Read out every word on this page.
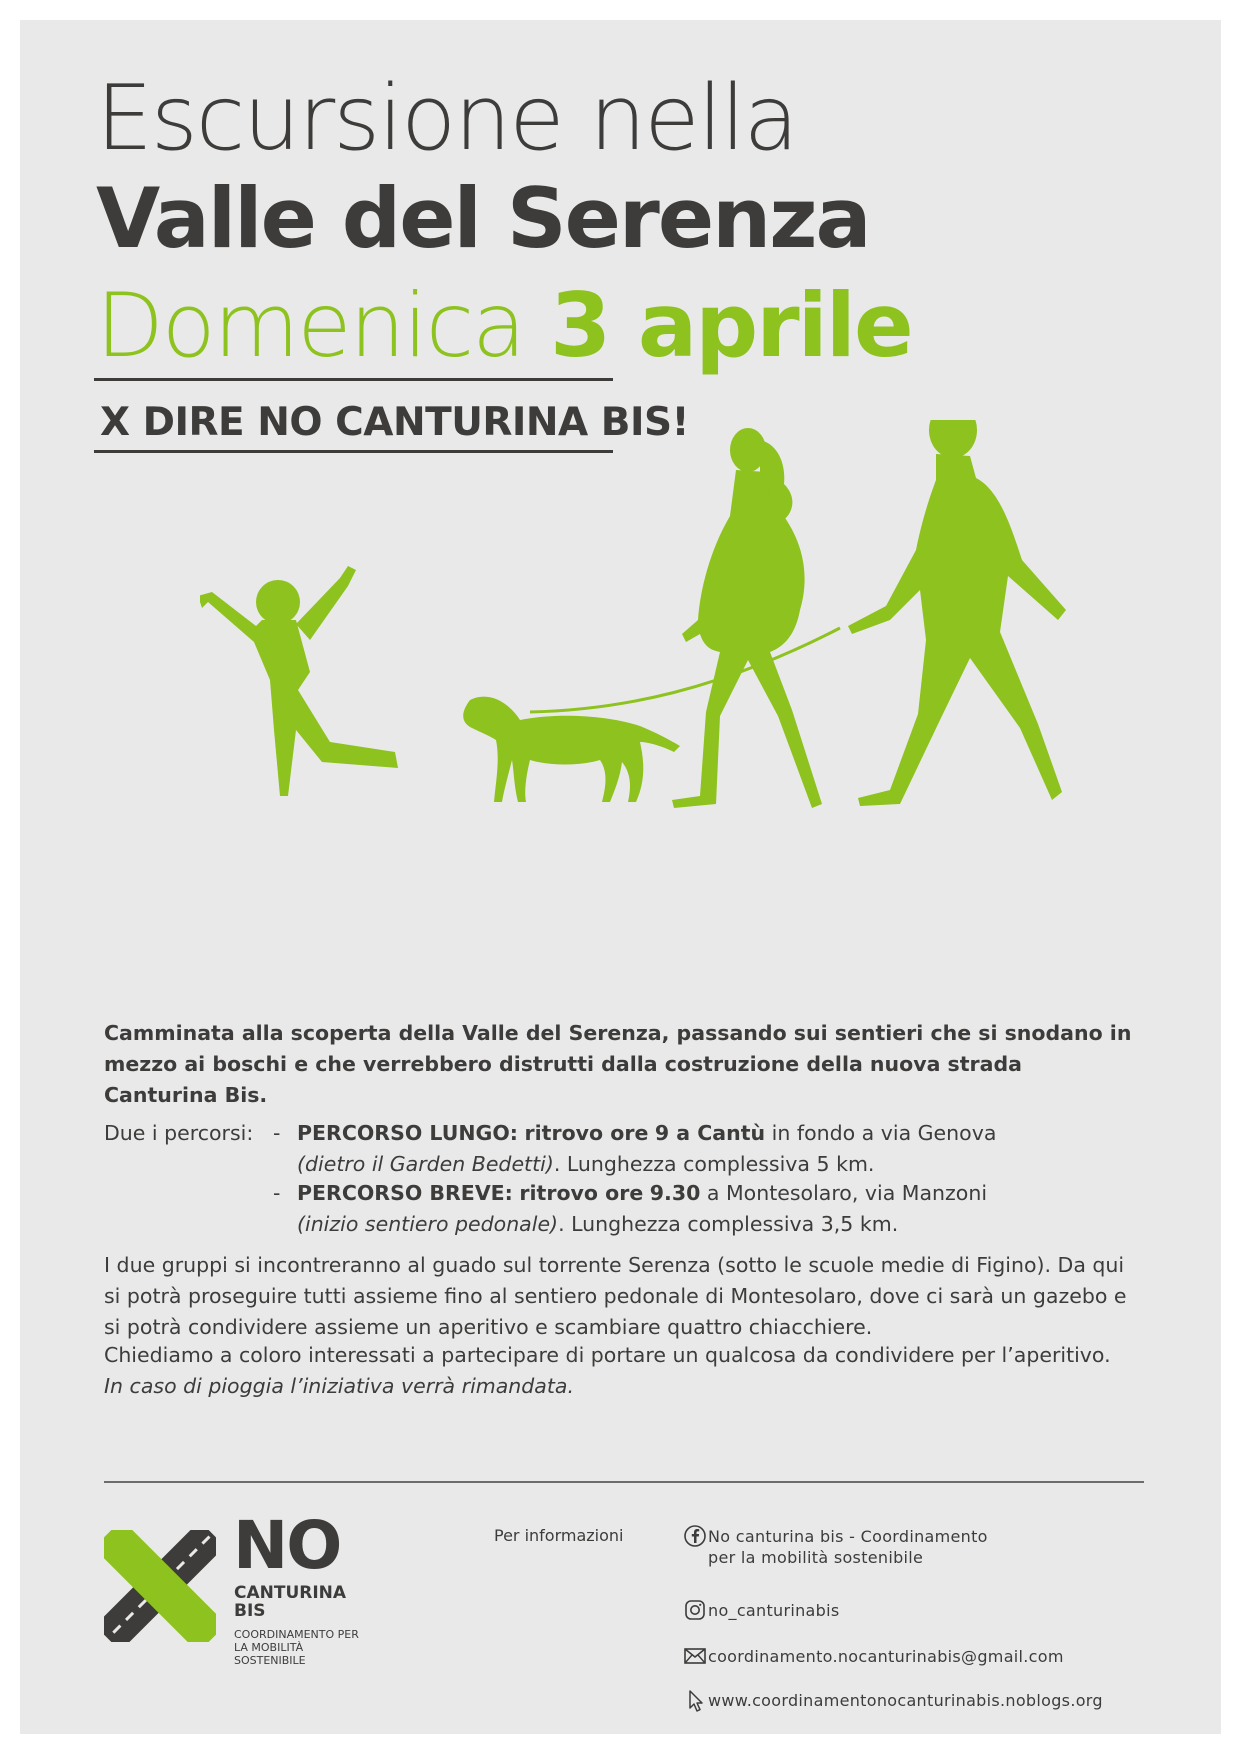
Escursione nella
Valle del Serenza
Domenica 3 aprile
X DIRE NO CANTURINA BIS!
Camminata alla scoperta della Valle del Serenza, passando sui sentieri che si snodano in mezzo ai boschi e che verrebbero distrutti dalla costruzione della nuova strada Canturina Bis.
Due i percorsi: - PERCORSO LUNGO: ritrovo ore 9 a Cantù in fondo a via Genova
(dietro il Garden Bedetti). Lunghezza complessiva 5 km.
- PERCORSO BREVE: ritrovo ore 9.30 a Montesolaro, via Manzoni
(inizio sentiero pedonale). Lunghezza complessiva 3,5 km.
I due gruppi si incontreranno al guado sul torrente Serenza (sotto le scuole medie di Figino). Da qui si potrà proseguire tutti assieme fino al sentiero pedonale di Montesolaro, dove ci sarà un gazebo e si potrà condividere assieme un aperitivo e scambiare quattro chiacchiere.
Chiediamo a coloro interessati a partecipare di portare un qualcosa da condividere per l’aperitivo.
In caso di pioggia l’iniziativa verrà rimandata.
NO
CANTURINA
BIS
COORDINAMENTO PER LA MOBILITÀ SOSTENIBILE
Per informazioni	No canturina bis - Coordinamento
per la mobilità sostenibile
no_canturinabis
coordinamento.nocanturinabis@gmail.com
www.coordinamentonocanturinabis.noblogs.org
